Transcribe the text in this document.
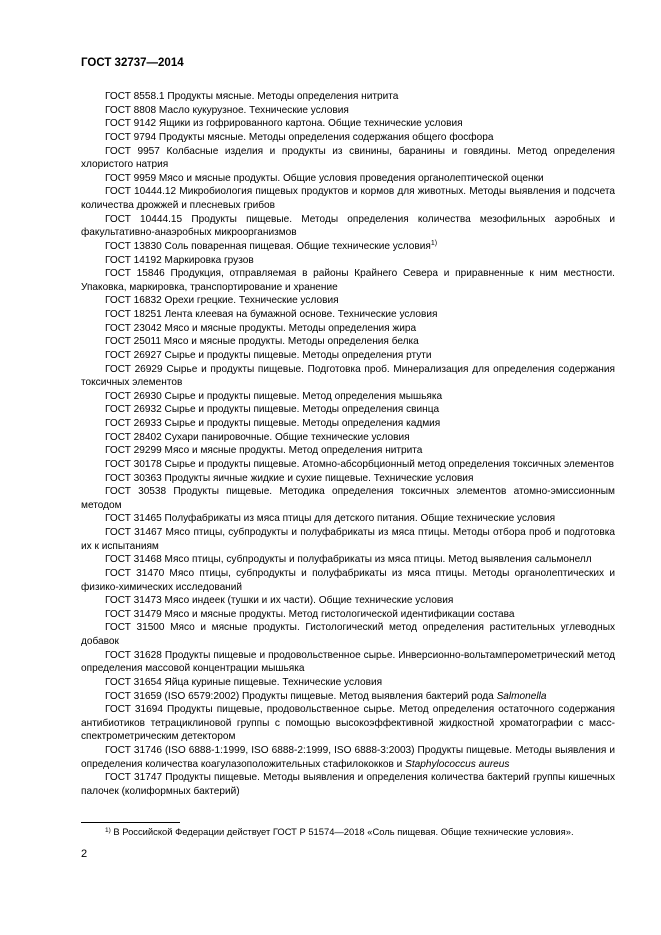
ГОСТ 32737—2014

ГОСТ 8558.1 Продукты мясные. Методы определения нитрита

ГОСТ 8808 Масло кукурузное. Технические условия

ГОСТ 9142 Ящики из гофрированного картона. Общие технические условия

ГОСТ 9794 Продукты мясные. Методы определения содержания общего фосфора

ГОСТ 9957 Колбасные изделия и продукты из свинины, баранины и говядины. Метод определения хлористого натрия

ГОСТ 9959 Мясо и мясные продукты. Общие условия проведения органолептической оценки

ГОСТ 10444.12 Микробиология пищевых продуктов и кормов для животных. Методы выявления и подсчета количества дрожжей и плесневых грибов

ГОСТ 10444.15 Продукты пищевые. Методы определения количества мезофильных аэробных и факультативно-анаэробных микроорганизмов

ГОСТ 13830 Соль поваренная пищевая. Общие технические условия$^{1)}$

ГОСТ 14192 Маркировка грузов

ГОСТ 15846 Продукция, отправляемая в районы Крайнего Севера и приравненные к ним местности. Упаковка, маркировка, транспортирование и хранение

ГОСТ 16832 Орехи грецкие. Технические условия

ГОСТ 18251 Лента клеевая на бумажной основе. Технические условия

ГОСТ 23042 Мясо и мясные продукты. Методы определения жира

ГОСТ 25011 Мясо и мясные продукты. Методы определения белка

ГОСТ 26927 Сырье и продукты пищевые. Методы определения ртути

ГОСТ 26929 Сырье и продукты пищевые. Подготовка проб. Минерализация для определения содержания токсичных элементов

ГОСТ 26930 Сырье и продукты пищевые. Метод определения мышьяка

ГОСТ 26932 Сырье и продукты пищевые. Методы определения свинца

ГОСТ 26933 Сырье и продукты пищевые. Методы определения кадмия

ГОСТ 28402 Сухари панировочные. Общие технические условия

ГОСТ 29299 Мясо и мясные продукты. Метод определения нитрита

ГОСТ 30178 Сырье и продукты пищевые. Атомно-абсорбционный метод определения токсичных элементов

ГОСТ 30363 Продукты яичные жидкие и сухие пищевые. Технические условия

ГОСТ 30538 Продукты пищевые. Методика определения токсичных элементов атомно-эмиссионным методом

ГОСТ 31465 Полуфабрикаты из мяса птицы для детского питания. Общие технические условия

ГОСТ 31467 Мясо птицы, субпродукты и полуфабрикаты из мяса птицы. Методы отбора проб и подготовка их к испытаниям

ГОСТ 31468 Мясо птицы, субпродукты и полуфабрикаты из мяса птицы. Метод выявления сальмонелл

ГОСТ 31470 Мясо птицы, субпродукты и полуфабрикаты из мяса птицы. Методы органолептических и физико-химических исследований

ГОСТ 31473 Мясо индеек (тушки и их части). Общие технические условия

ГОСТ 31479 Мясо и мясные продукты. Метод гистологической идентификации состава

ГОСТ 31500 Мясо и мясные продукты. Гистологический метод определения растительных углеводных добавок

ГОСТ 31628 Продукты пищевые и продовольственное сырье. Инверсионно-вольтамперометрический метод определения массовой концентрации мышьяка

ГОСТ 31654 Яйца куриные пищевые. Технические условия

ГОСТ 31659 (ISO 6579:2002) Продукты пищевые. Метод выявления бактерий рода Salmonella

ГОСТ 31694 Продукты пищевые, продовольственное сырье. Метод определения остаточного содержания антибиотиков тетрациклиновой группы с помощью высокоэффективной жидкостной хроматографии с масс-спектрометрическим детектором

ГОСТ 31746 (ISO 6888-1:1999, ISO 6888-2:1999, ISO 6888-3:2003) Продукты пищевые. Методы выявления и определения количества коагулазоположительных стафилококков и Staphylococcus aureus

ГОСТ 31747 Продукты пищевые. Методы выявления и определения количества бактерий группы кишечных палочек (колиформных бактерий)

$^{1)}$ В Российской Федерации действует ГОСТ Р 51574—2018 «Соль пищевая. Общие технические условия».
2
